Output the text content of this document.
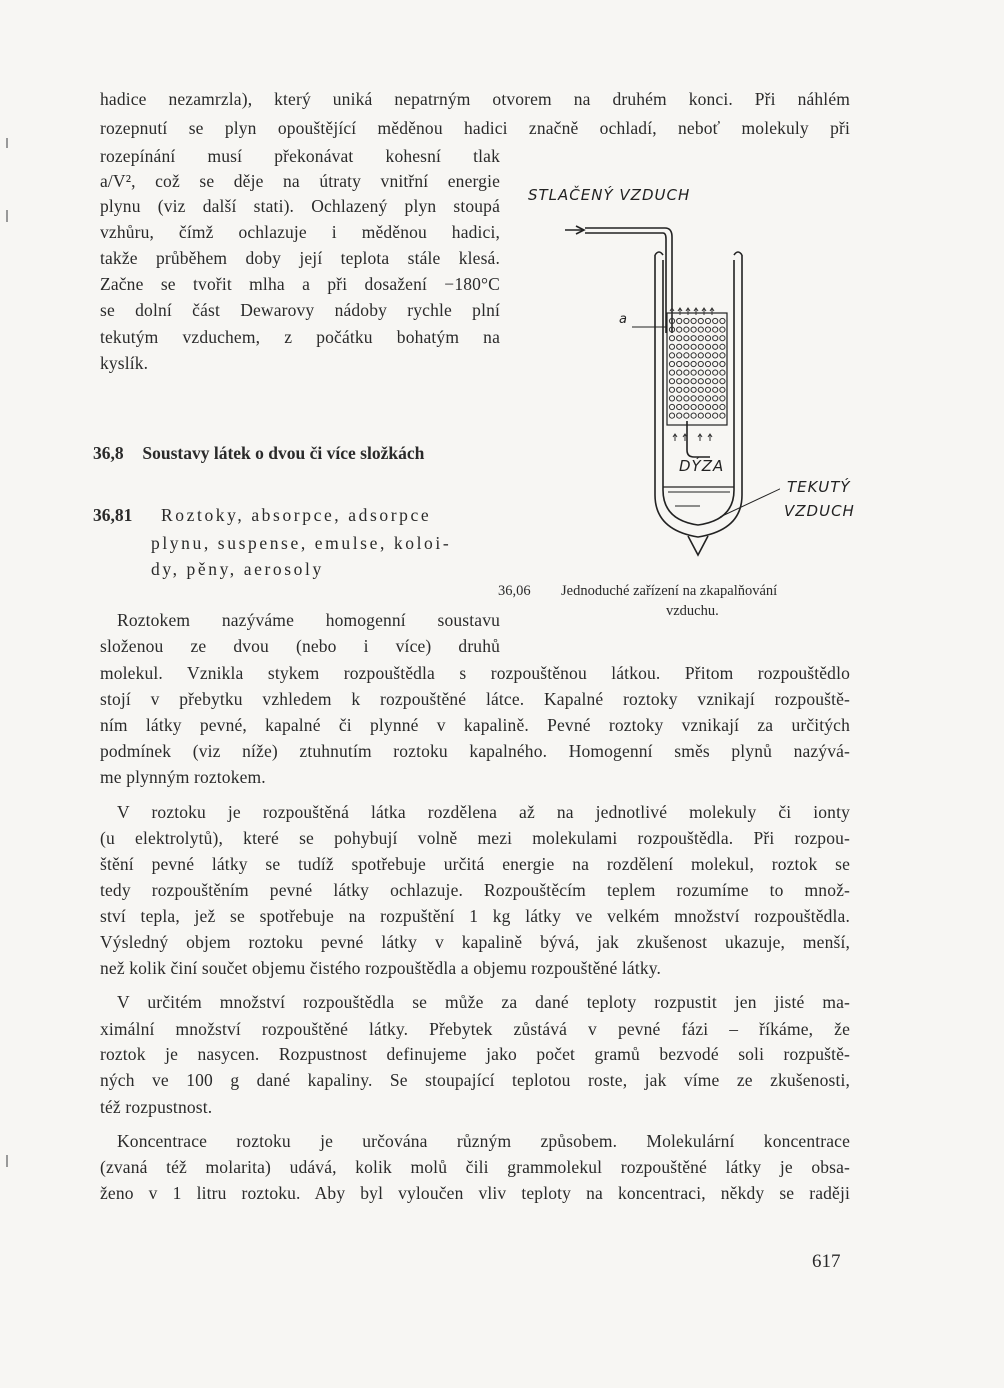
hadice nezamrzla), který uniká nepatrným otvorem na druhém konci. Při náhlém
rozepnutí se plyn opouštějící měděnou hadici značně ochladí, neboť molekuly při
rozepínání musí překonávat kohesní tlak
a/V², což se děje na útraty vnitřní energie
plynu (viz další stati). Ochlazený plyn stoupá
vzhůru, čímž ochlazuje i měděnou hadici,
takže průběhem doby její teplota stále klesá.
Začne se tvořit mlha a při dosažení −180°C
se dolní část Dewarovy nádoby rychle plní
tekutým vzduchem, z počátku bohatým na
kyslík.
36,8 Soustavy látek o dvou či více složkách
36,81 Roztoky, absorpce, adsorpce
plynu, suspense, emulse, koloi-
dy, pěny, aerosoly
STLAČENÝ VZDUCH
a
DÝZA
TEKUTÝ
VZDUCH
36,06 Jednoduché zařízení na zkapalňování
vzduchu.
Roztokem nazýváme homogenní soustavu
složenou ze dvou (nebo i více) druhů
molekul. Vznikla stykem rozpouštědla s rozpouštěnou látkou. Přitom rozpouštědlo
stojí v přebytku vzhledem k rozpouštěné látce. Kapalné roztoky vznikají rozpouště-
ním látky pevné, kapalné či plynné v kapalině. Pevné roztoky vznikají za určitých
podmínek (viz níže) ztuhnutím roztoku kapalného. Homogenní směs plynů nazývá-
me plynným roztokem.
V roztoku je rozpouštěná látka rozdělena až na jednotlivé molekuly či ionty
(u elektrolytů), které se pohybují volně mezi molekulami rozpouštědla. Při rozpou-
štění pevné látky se tudíž spotřebuje určitá energie na rozdělení molekul, roztok se
tedy rozpouštěním pevné látky ochlazuje. Rozpouštěcím teplem rozumíme to množ-
ství tepla, jež se spotřebuje na rozpuštění 1 kg látky ve velkém množství rozpouštědla.
Výsledný objem roztoku pevné látky v kapalině bývá, jak zkušenost ukazuje, menší,
než kolik činí součet objemu čistého rozpouštědla a objemu rozpouštěné látky.
V určitém množství rozpouštědla se může za dané teploty rozpustit jen jisté ma-
ximální množství rozpouštěné látky. Přebytek zůstává v pevné fázi – říkáme, že
roztok je nasycen. Rozpustnost definujeme jako počet gramů bezvodé soli rozpuště-
ných ve 100 g dané kapaliny. Se stoupající teplotou roste, jak víme ze zkušenosti,
též rozpustnost.
Koncentrace roztoku je určována různým způsobem. Molekulární koncentrace
(zvaná též molarita) udává, kolik molů čili grammolekul rozpouštěné látky je obsa-
ženo v 1 litru roztoku. Aby byl vyloučen vliv teploty na koncentraci, někdy se raději
617
